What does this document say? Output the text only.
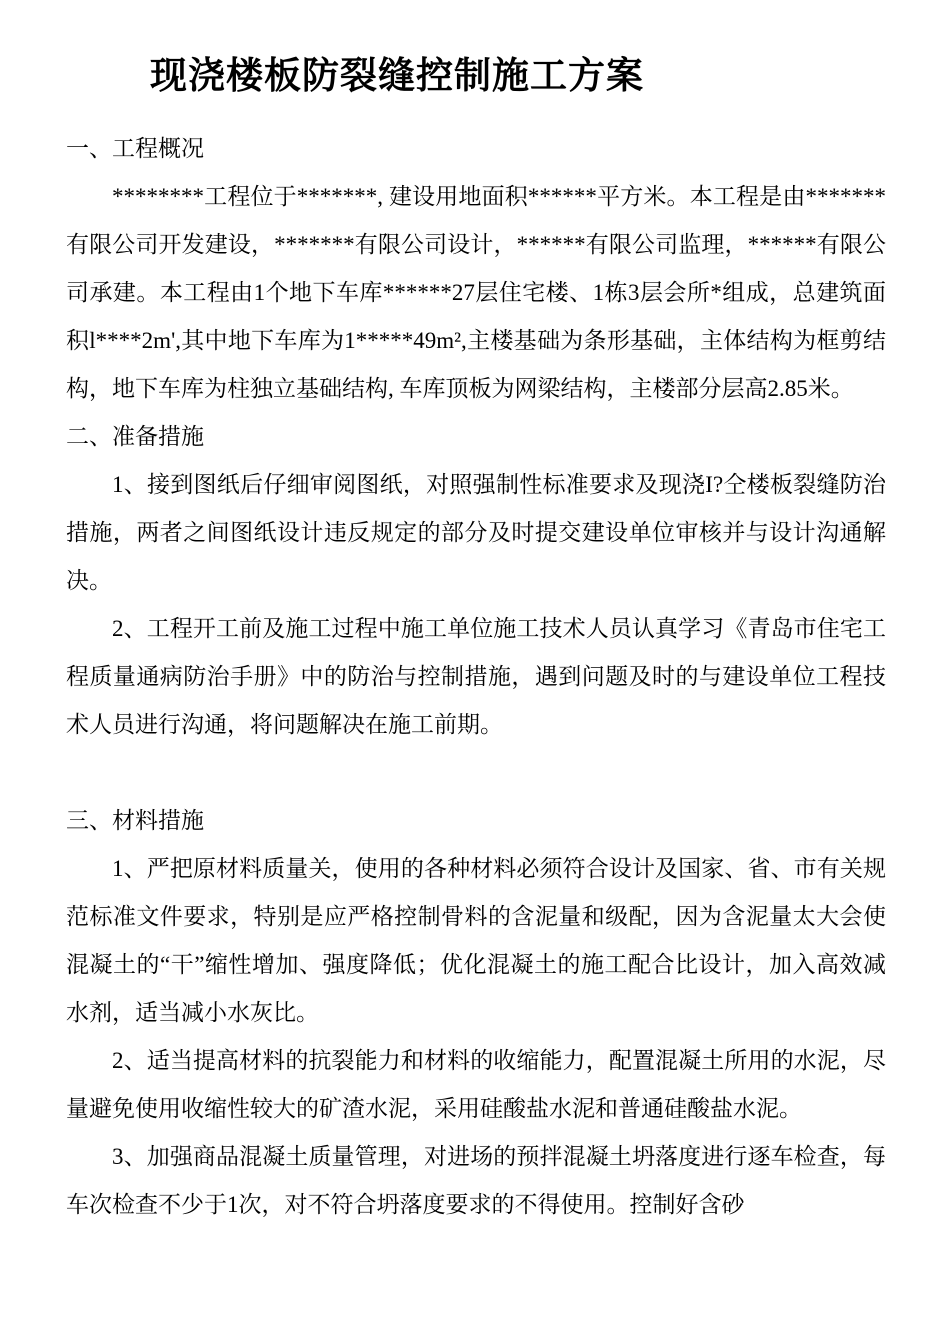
现浇楼板防裂缝控制施工方案

一、工程概况

********工程位于*******, 建设用地面积******平方米。本工程是由*******有限公司开发建设，*******有限公司设计，******有限公司监理，******有限公司承建。本工程由1个地下车库******27层住宅楼、1栋3层会所*组成，总建筑面积l****2m',其中地下车库为1*****49m²,主楼基础为条形基础，主体结构为框剪结构，地下车库为柱独立基础结构, 车库顶板为网梁结构，主楼部分层高2.85米。

二、准备措施

1、接到图纸后仔细审阅图纸，对照强制性标准要求及现浇I?仝楼板裂缝防治措施，两者之间图纸设计违反规定的部分及时提交建设单位审核并与设计沟通解决。

2、工程开工前及施工过程中施工单位施工技术人员认真学习《青岛市住宅工程质量通病防治手册》中的防治与控制措施，遇到问题及时的与建设单位工程技术人员进行沟通，将问题解决在施工前期。

三、材料措施

1、严把原材料质量关，使用的各种材料必须符合设计及国家、省、市有关规范标准文件要求，特别是应严格控制骨料的含泥量和级配，因为含泥量太大会使混凝土的“干”缩性增加、强度降低；优化混凝土的施工配合比设计，加入高效减水剂，适当减小水灰比。

2、适当提高材料的抗裂能力和材料的收缩能力，配置混凝土所用的水泥，尽量避免使用收缩性较大的矿渣水泥，采用硅酸盐水泥和普通硅酸盐水泥。

3、加强商品混凝土质量管理，对进场的预拌混凝土坍落度进行逐车检查，每车次检查不少于1次，对不符合坍落度要求的不得使用。控制好含砂
